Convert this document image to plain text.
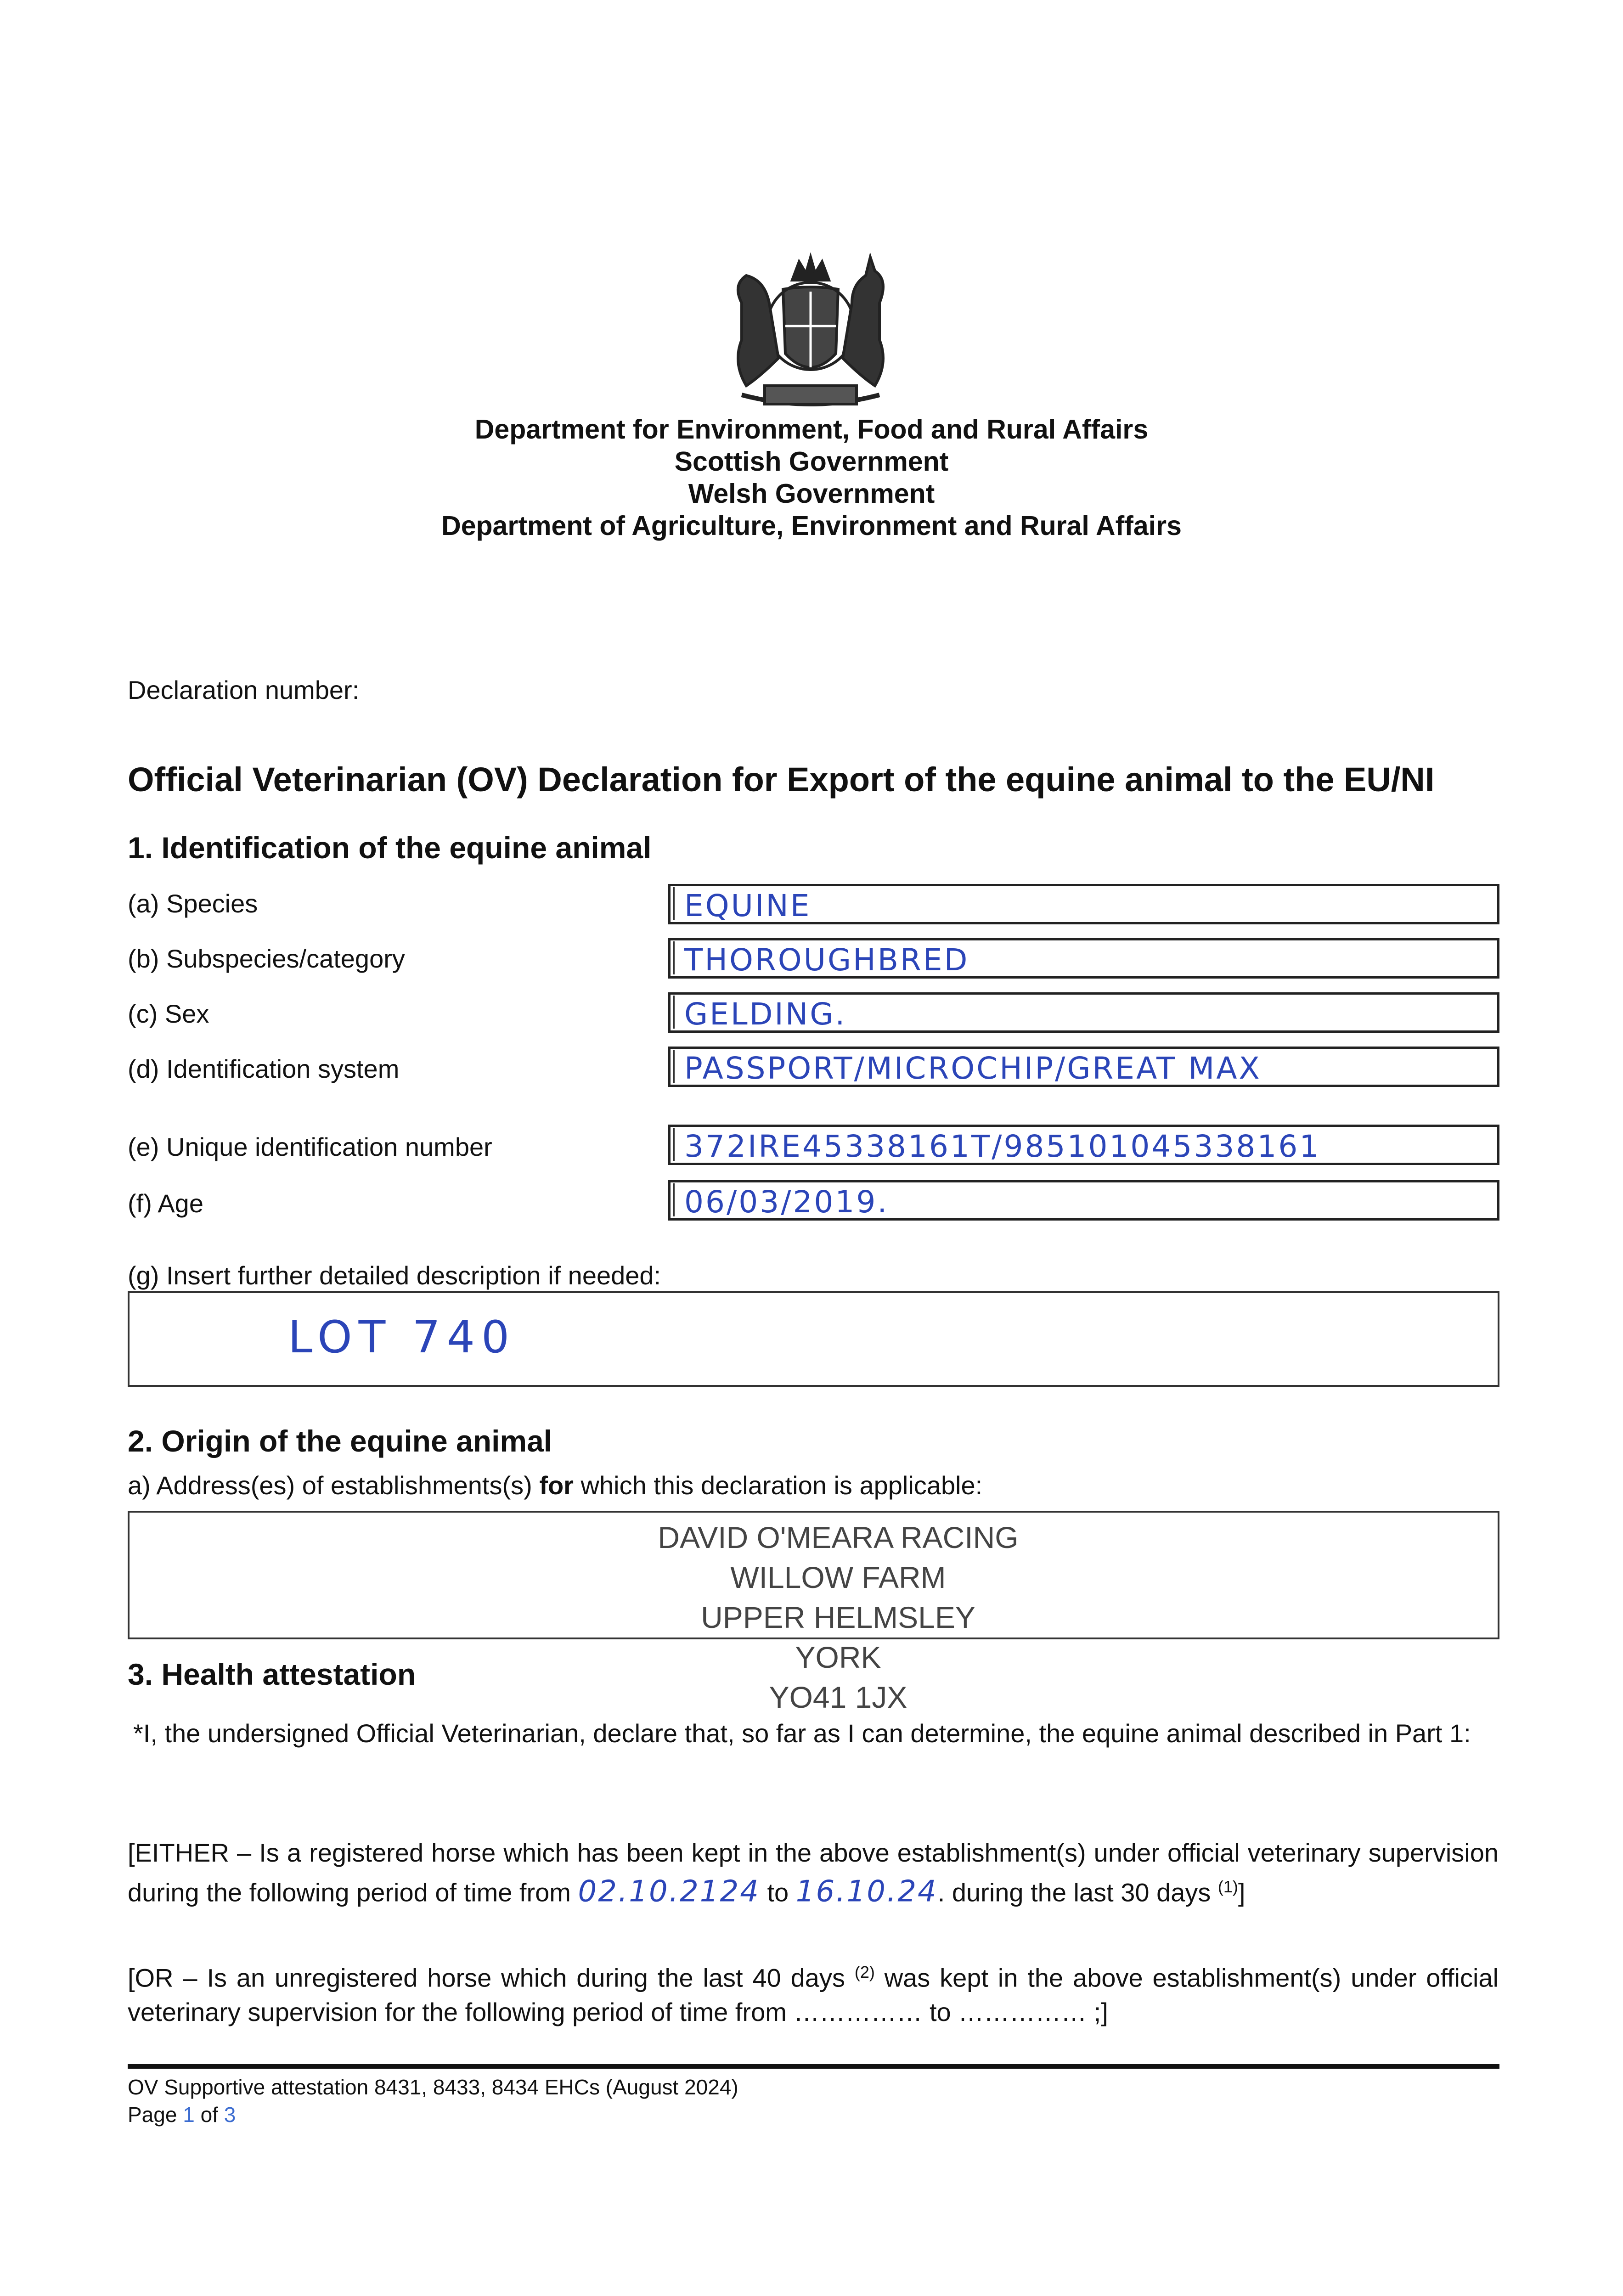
Department for Environment, Food and Rural Affairs
Scottish Government
Welsh Government
Department of Agriculture, Environment and Rural Affairs
Declaration number:
Official Veterinarian (OV) Declaration for Export of the equine animal to the EU/NI
1. Identification of the equine animal
(a) Species	EQUINE
(b) Subspecies/category	THOROUGHBRED
(c) Sex	GELDING.
(d) Identification system	PASSPORT/MICROCHIP/GREAT MAX
(e) Unique identification number	372IRE45338161T/985101045338161
(f) Age	06/03/2019.
(g) Insert further detailed description if needed:
LOT 740
2. Origin of the equine animal
a) Address(es) of establishments(s) for which this declaration is applicable:
DAVID O'MEARA RACING
WILLOW FARM
UPPER HELMSLEY
YORK
YO41 1JX
3. Health attestation
*I, the undersigned Official Veterinarian, declare that, so far as I can determine, the equine animal described in Part 1:
[EITHER – Is a registered horse which has been kept in the above establishment(s) under official veterinary supervision during the following period of time from 02.10.2124 to 16.10.24. during the last 30 days $^{(1)}$]
[OR – Is an unregistered horse which during the last 40 days $^{(2)}$ was kept in the above establishment(s) under official veterinary supervision for the following period of time from …………… to …………… ;]
OV Supportive attestation 8431, 8433, 8434 EHCs (August 2024)
Page 1 of 3
